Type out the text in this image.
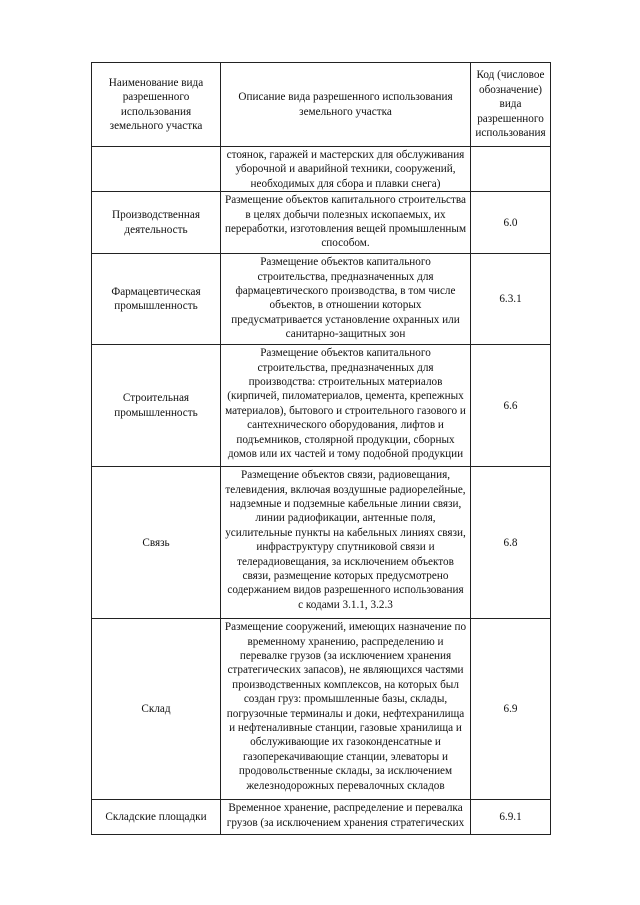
Наименование вида разрешенного использования земельного участка	Описание вида разрешенного использования земельного участка	Код (числовое обозначение) вида разрешенного использования
	стоянок, гаражей и мастерских для обслуживания уборочной и аварийной техники, сооружений, необходимых для сбора и плавки снега)	
Производственная деятельность	Размещение объектов капитального строительства в целях добычи полезных ископаемых, их переработки, изготовления вещей промышленным способом.	6.0
Фармацевтическая промышленность	Размещение объектов капитального строительства, предназначенных для фармацевтического производства, в том числе объектов, в отношении которых предусматривается установление охранных или санитарно-защитных зон	6.3.1
Строительная промышленность	Размещение объектов капитального строительства, предназначенных для производства: строительных материалов (кирпичей, пиломатериалов, цемента, крепежных материалов), бытового и строительного газового и сантехнического оборудования, лифтов и подъемников, столярной продукции, сборных домов или их частей и тому подобной продукции	6.6
Связь	Размещение объектов связи, радиовещания, телевидения, включая воздушные радиорелейные, надземные и подземные кабельные линии связи, линии радиофикации, антенные поля, усилительные пункты на кабельных линиях связи, инфраструктуру спутниковой связи и телерадиовещания, за исключением объектов связи, размещение которых предусмотрено содержанием видов разрешенного использования с кодами 3.1.1, 3.2.3	6.8
Склад	Размещение сооружений, имеющих назначение по временному хранению, распределению и перевалке грузов (за исключением хранения стратегических запасов), не являющихся частями производственных комплексов, на которых был создан груз: промышленные базы, склады, погрузочные терминалы и доки, нефтехранилища и нефтеналивные станции, газовые хранилища и обслуживающие их газоконденсатные и газоперекачивающие станции, элеваторы и продовольственные склады, за исключением железнодорожных перевалочных складов	6.9
Складские площадки	Временное хранение, распределение и перевалка грузов (за исключением хранения стратегических	6.9.1
